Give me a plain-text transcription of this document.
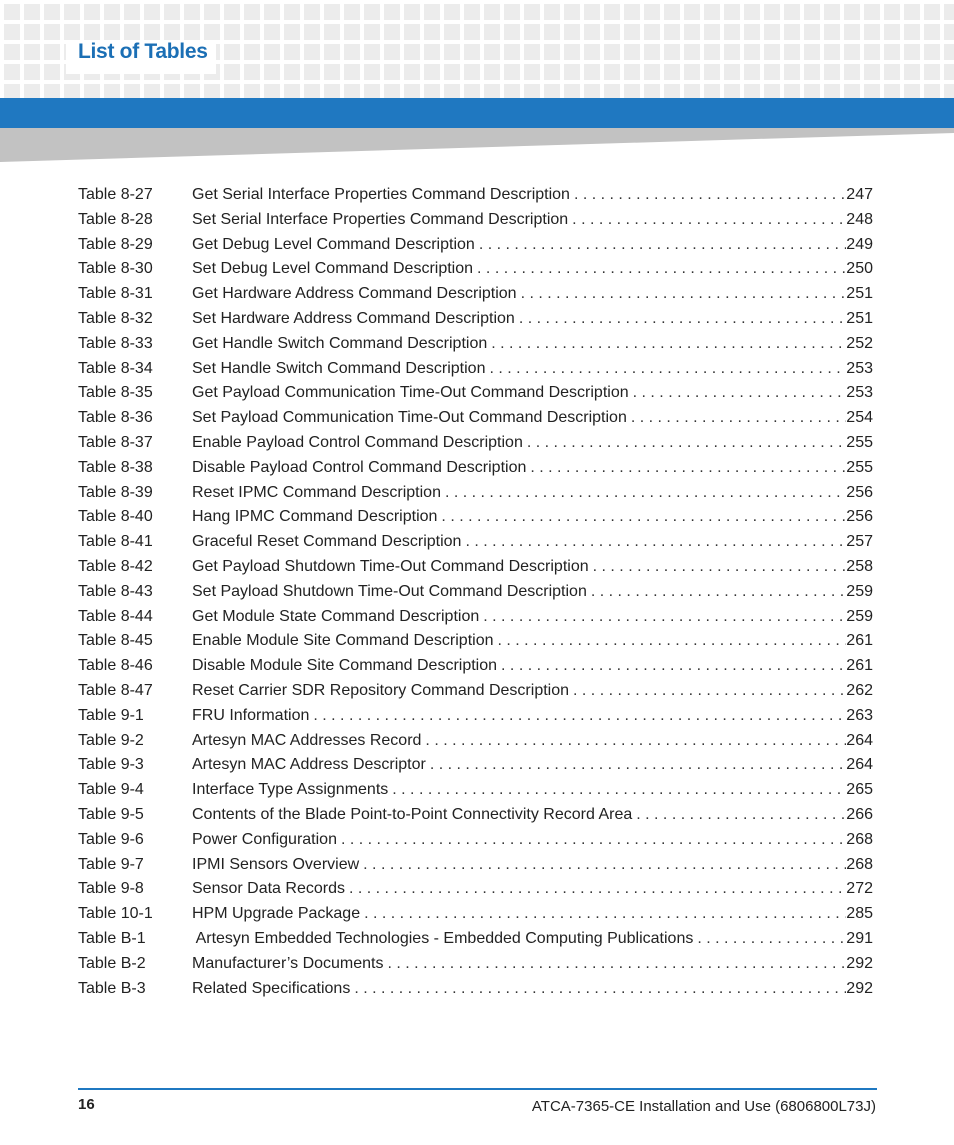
List of Tables
Table 8-27	Get Serial Interface Properties Command Description . . .	247
Table 8-28	Set Serial Interface Properties Command Description . . .	248
Table 8-29	Get Debug Level Command Description . . .	249
Table 8-30	Set Debug Level Command Description . . .	250
Table 8-31	Get Hardware Address Command Description . . .	251
Table 8-32	Set Hardware Address Command Description . . .	251
Table 8-33	Get Handle Switch Command Description . . .	252
Table 8-34	Set Handle Switch Command Description . . .	253
Table 8-35	Get Payload Communication Time-Out Command Description . . .	253
Table 8-36	Set Payload Communication Time-Out Command Description . . .	254
Table 8-37	Enable Payload Control Command Description . . .	255
Table 8-38	Disable Payload Control Command Description . . .	255
Table 8-39	Reset IPMC Command Description . . .	256
Table 8-40	Hang IPMC Command Description . . .	256
Table 8-41	Graceful Reset Command Description . . .	257
Table 8-42	Get Payload Shutdown Time-Out Command Description . . .	258
Table 8-43	Set Payload Shutdown Time-Out Command Description . . .	259
Table 8-44	Get Module State Command Description . . .	259
Table 8-45	Enable Module Site Command Description . . .	261
Table 8-46	Disable Module Site Command Description . . .	261
Table 8-47	Reset Carrier SDR Repository Command Description . . .	262
Table 9-1	FRU Information . . .	263
Table 9-2	Artesyn MAC Addresses Record . . .	264
Table 9-3	Artesyn MAC Address Descriptor . . .	264
Table 9-4	Interface Type Assignments . . .	265
Table 9-5	Contents of the Blade Point-to-Point Connectivity Record Area . . .	266
Table 9-6	Power Configuration . . .	268
Table 9-7	IPMI Sensors Overview . . .	268
Table 9-8	Sensor Data Records . . .	272
Table 10-1	HPM Upgrade Package . . .	285
Table B-1	Artesyn Embedded Technologies - Embedded Computing Publications . . .	291
Table B-2	Manufacturer’s Documents . . .	292
Table B-3	Related Specifications . . .	292
16	ATCA-7365-CE Installation and Use (6806800L73J)
